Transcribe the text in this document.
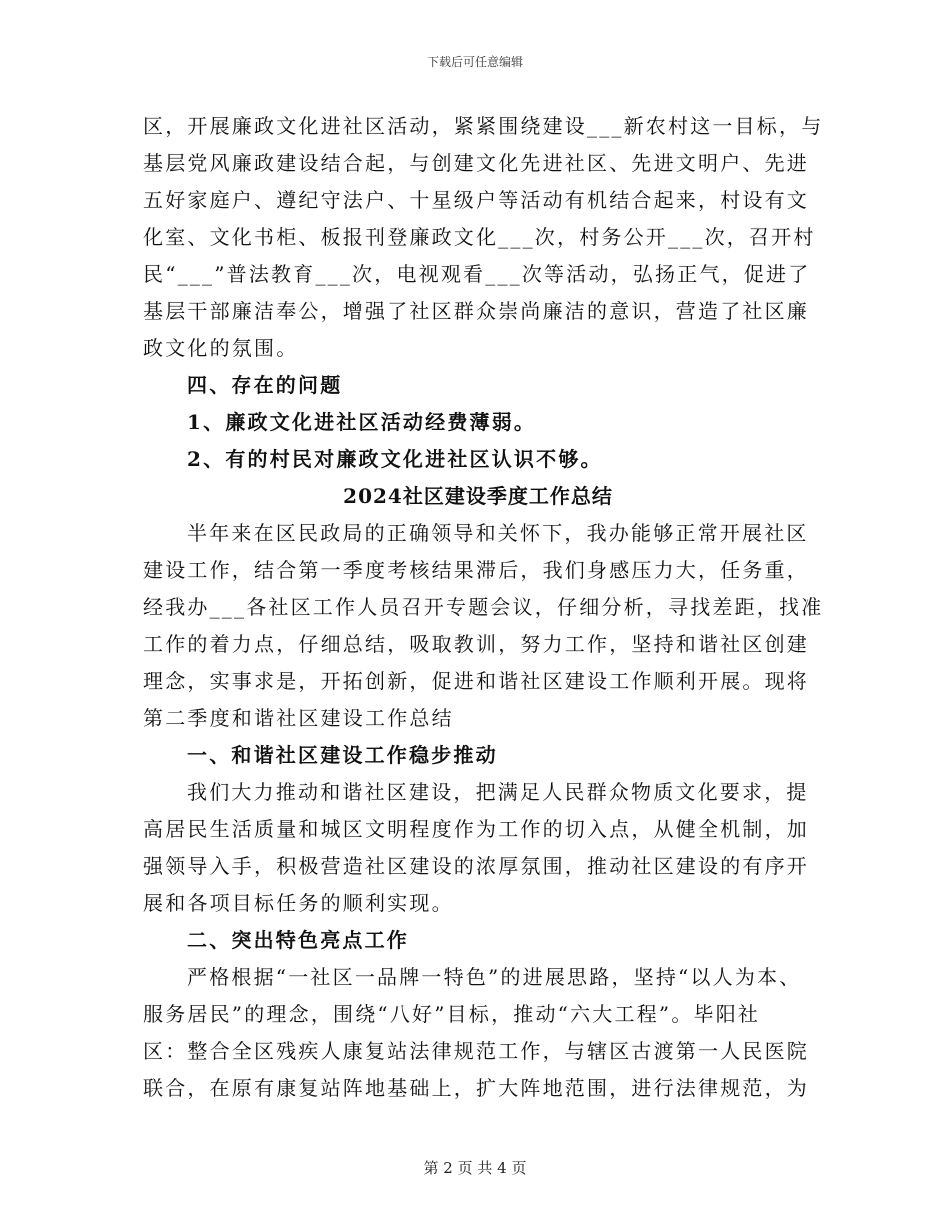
下载后可任意编辑
区，开展廉政文化进社区活动，紧紧围绕建设___新农村这一目标，与
基层党风廉政建设结合起，与创建文化先进社区、先进文明户、先进
五好家庭户、遵纪守法户、十星级户等活动有机结合起来，村设有文
化室、文化书柜、板报刊登廉政文化___次，村务公开___次，召开村
民“___”普法教育___次，电视观看___次等活动，弘扬正气，促进了
基层干部廉洁奉公，增强了社区群众崇尚廉洁的意识，营造了社区廉
政文化的氛围。
四、存在的问题
1、廉政文化进社区活动经费薄弱。
2、有的村民对廉政文化进社区认识不够。
2024社区建设季度工作总结
半年来在区民政局的正确领导和关怀下，我办能够正常开展社区
建设工作，结合第一季度考核结果滞后，我们身感压力大，任务重，
经我办___各社区工作人员召开专题会议，仔细分析，寻找差距，找准
工作的着力点，仔细总结，吸取教训，努力工作，坚持和谐社区创建
理念，实事求是，开拓创新，促进和谐社区建设工作顺利开展。现将
第二季度和谐社区建设工作总结
一、和谐社区建设工作稳步推动
我们大力推动和谐社区建设，把满足人民群众物质文化要求，提
高居民生活质量和城区文明程度作为工作的切入点，从健全机制，加
强领导入手，积极营造社区建设的浓厚氛围，推动社区建设的有序开
展和各项目标任务的顺利实现。
二、突出特色亮点工作
严格根据“一社区一品牌一特色”的进展思路，坚持“以人为本、
服务居民”的理念，围绕“八好”目标，推动“六大工程”。毕阳社
区：整合全区残疾人康复站法律规范工作，与辖区古渡第一人民医院
联合，在原有康复站阵地基础上，扩大阵地范围，进行法律规范，为
第 2 页 共 4 页
